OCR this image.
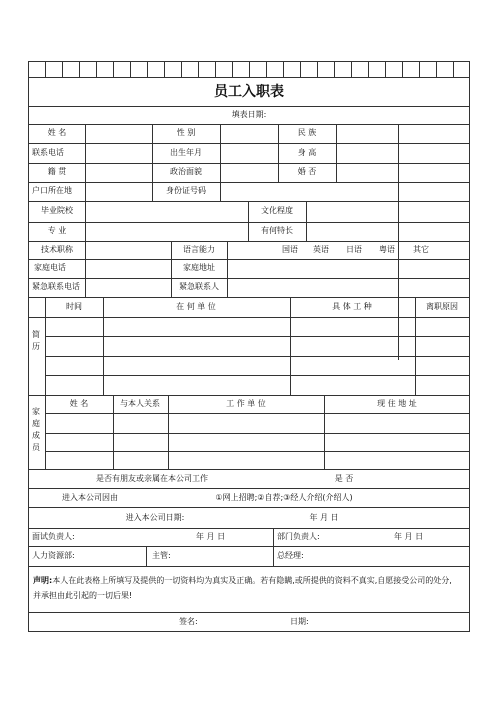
员工入职表
填表日期:
姓 名	性 别	民 族
联系电话	出生年月	身 高
籍 贯	政治面貌	婚 否
户口所在地	身份证号码
毕业院校	文化程度
专 业	有何特长
技术职称	语言能力	国语 英语 日语 粤语 其它
家庭电话	家庭地址
紧急联系电话	紧急联系人
简
历
时间	在 何 单 位	具 体 工 种	离职原因
家
庭
成
员
姓 名	与本人关系	工 作 单 位	现 住 地 址
是否有朋友或亲属在本公司工作	是 否
进入本公司因由	①网上招聘;②自荐;③经人介绍(介绍人)
进入本公司日期:	年 月 日
面试负责人:	年 月 日	部门负责人:	年 月 日
人力资源部:	主管:	总经理:
声明:本人在此表格上所填写及提供的一切资料均为真实及正确。若有隐瞒,或所提供的资料不真实,自愿接受公司的处分,并承担由此引起的一切后果!
签名:	日期:
